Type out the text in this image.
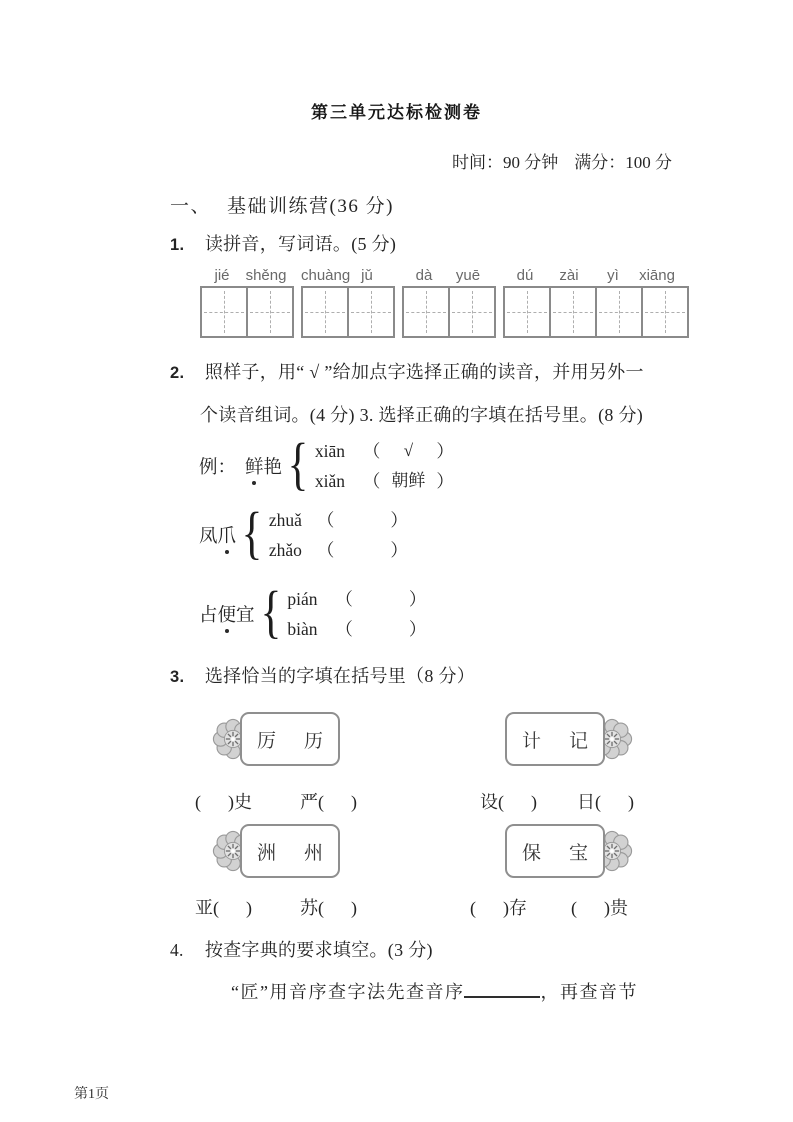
第三单元达标检测卷
时间：90 分钟 满分：100 分
一、 基础训练营(36 分)
1. 读拼音，写词语。(5 分)
jié	shěng chuàng jǔ	dà	yuē	dú	zài	yì	xiāng
2. 照样子，用“ √ ”给加点字选择正确的读音，并用另外一
个读音组词。(4 分) 3. 选择正确的字填在括号里。(8 分)
例： 鲜 艳 { xiān	（	√	）
xiǎn	（ 朝鲜 ）
凤 爪 { zhuǎ （	）
zhǎo （	）
占 便 宜 { pián	（	）
biàn	（	）
3. 选择恰当的字填在括号里（8 分）
厉 历
( ) 史	严 ( )
计 记
设 ( ) 日 ( )
洲 州
亚 ( )	苏 ( )
保 宝
( ) 存 ( ) 贵
4. 按查字典的要求填空。(3 分)
“匠”用音序查字法先查音序	，再查音节
第1页
